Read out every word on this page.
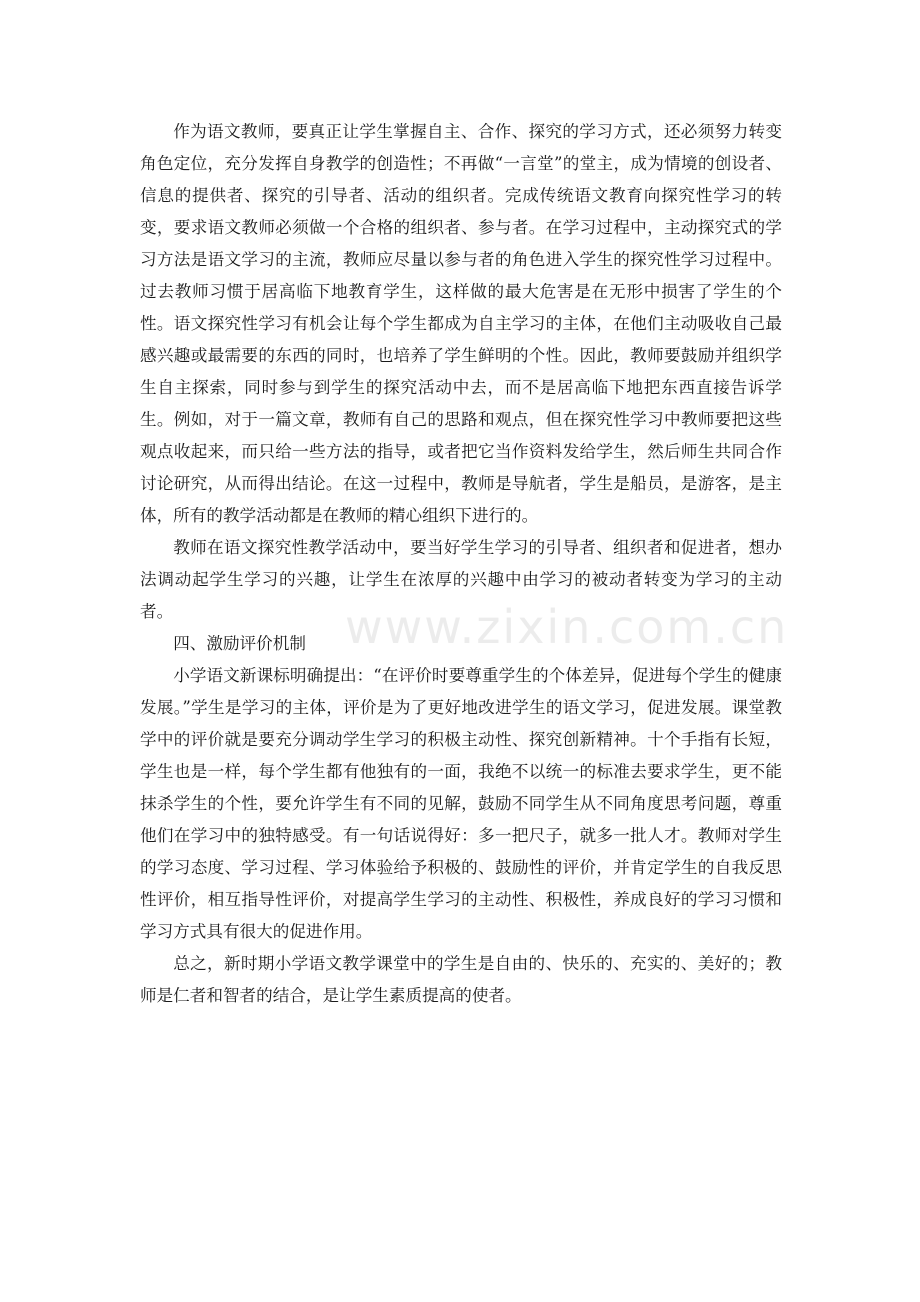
作为语文教师，要真正让学生掌握自主、合作、探究的学习方式，还必须努力转变角色定位，充分发挥自身教学的创造性；不再做“一言堂”的堂主，成为情境的创设者、信息的提供者、探究的引导者、活动的组织者。完成传统语文教育向探究性学习的转变，要求语文教师必须做一个合格的组织者、参与者。在学习过程中，主动探究式的学习方法是语文学习的主流，教师应尽量以参与者的角色进入学生的探究性学习过程中。过去教师习惯于居高临下地教育学生，这样做的最大危害是在无形中损害了学生的个性。语文探究性学习有机会让每个学生都成为自主学习的主体，在他们主动吸收自己最感兴趣或最需要的东西的同时，也培养了学生鲜明的个性。因此，教师要鼓励并组织学生自主探索，同时参与到学生的探究活动中去，而不是居高临下地把东西直接告诉学生。例如，对于一篇文章，教师有自己的思路和观点，但在探究性学习中教师要把这些观点收起来，而只给一些方法的指导，或者把它当作资料发给学生，然后师生共同合作讨论研究，从而得出结论。在这一过程中，教师是导航者，学生是船员，是游客，是主体，所有的教学活动都是在教师的精心组织下进行的。

教师在语文探究性教学活动中，要当好学生学习的引导者、组织者和促进者，想办法调动起学生学习的兴趣，让学生在浓厚的兴趣中由学习的被动者转变为学习的主动者。

四、激励评价机制

小学语文新课标明确提出：“在评价时要尊重学生的个体差异，促进每个学生的健康发展。”学生是学习的主体，评价是为了更好地改进学生的语文学习，促进发展。课堂教学中的评价就是要充分调动学生学习的积极主动性、探究创新精神。十个手指有长短，学生也是一样，每个学生都有他独有的一面，我绝不以统一的标准去要求学生，更不能抹杀学生的个性，要允许学生有不同的见解，鼓励不同学生从不同角度思考问题，尊重他们在学习中的独特感受。有一句话说得好：多一把尺子，就多一批人才。教师对学生的学习态度、学习过程、学习体验给予积极的、鼓励性的评价，并肯定学生的自我反思性评价，相互指导性评价，对提高学生学习的主动性、积极性，养成良好的学习习惯和学习方式具有很大的促进作用。

总之，新时期小学语文教学课堂中的学生是自由的、快乐的、充实的、美好的；教师是仁者和智者的结合，是让学生素质提高的使者。

www.zixin.com.cn
